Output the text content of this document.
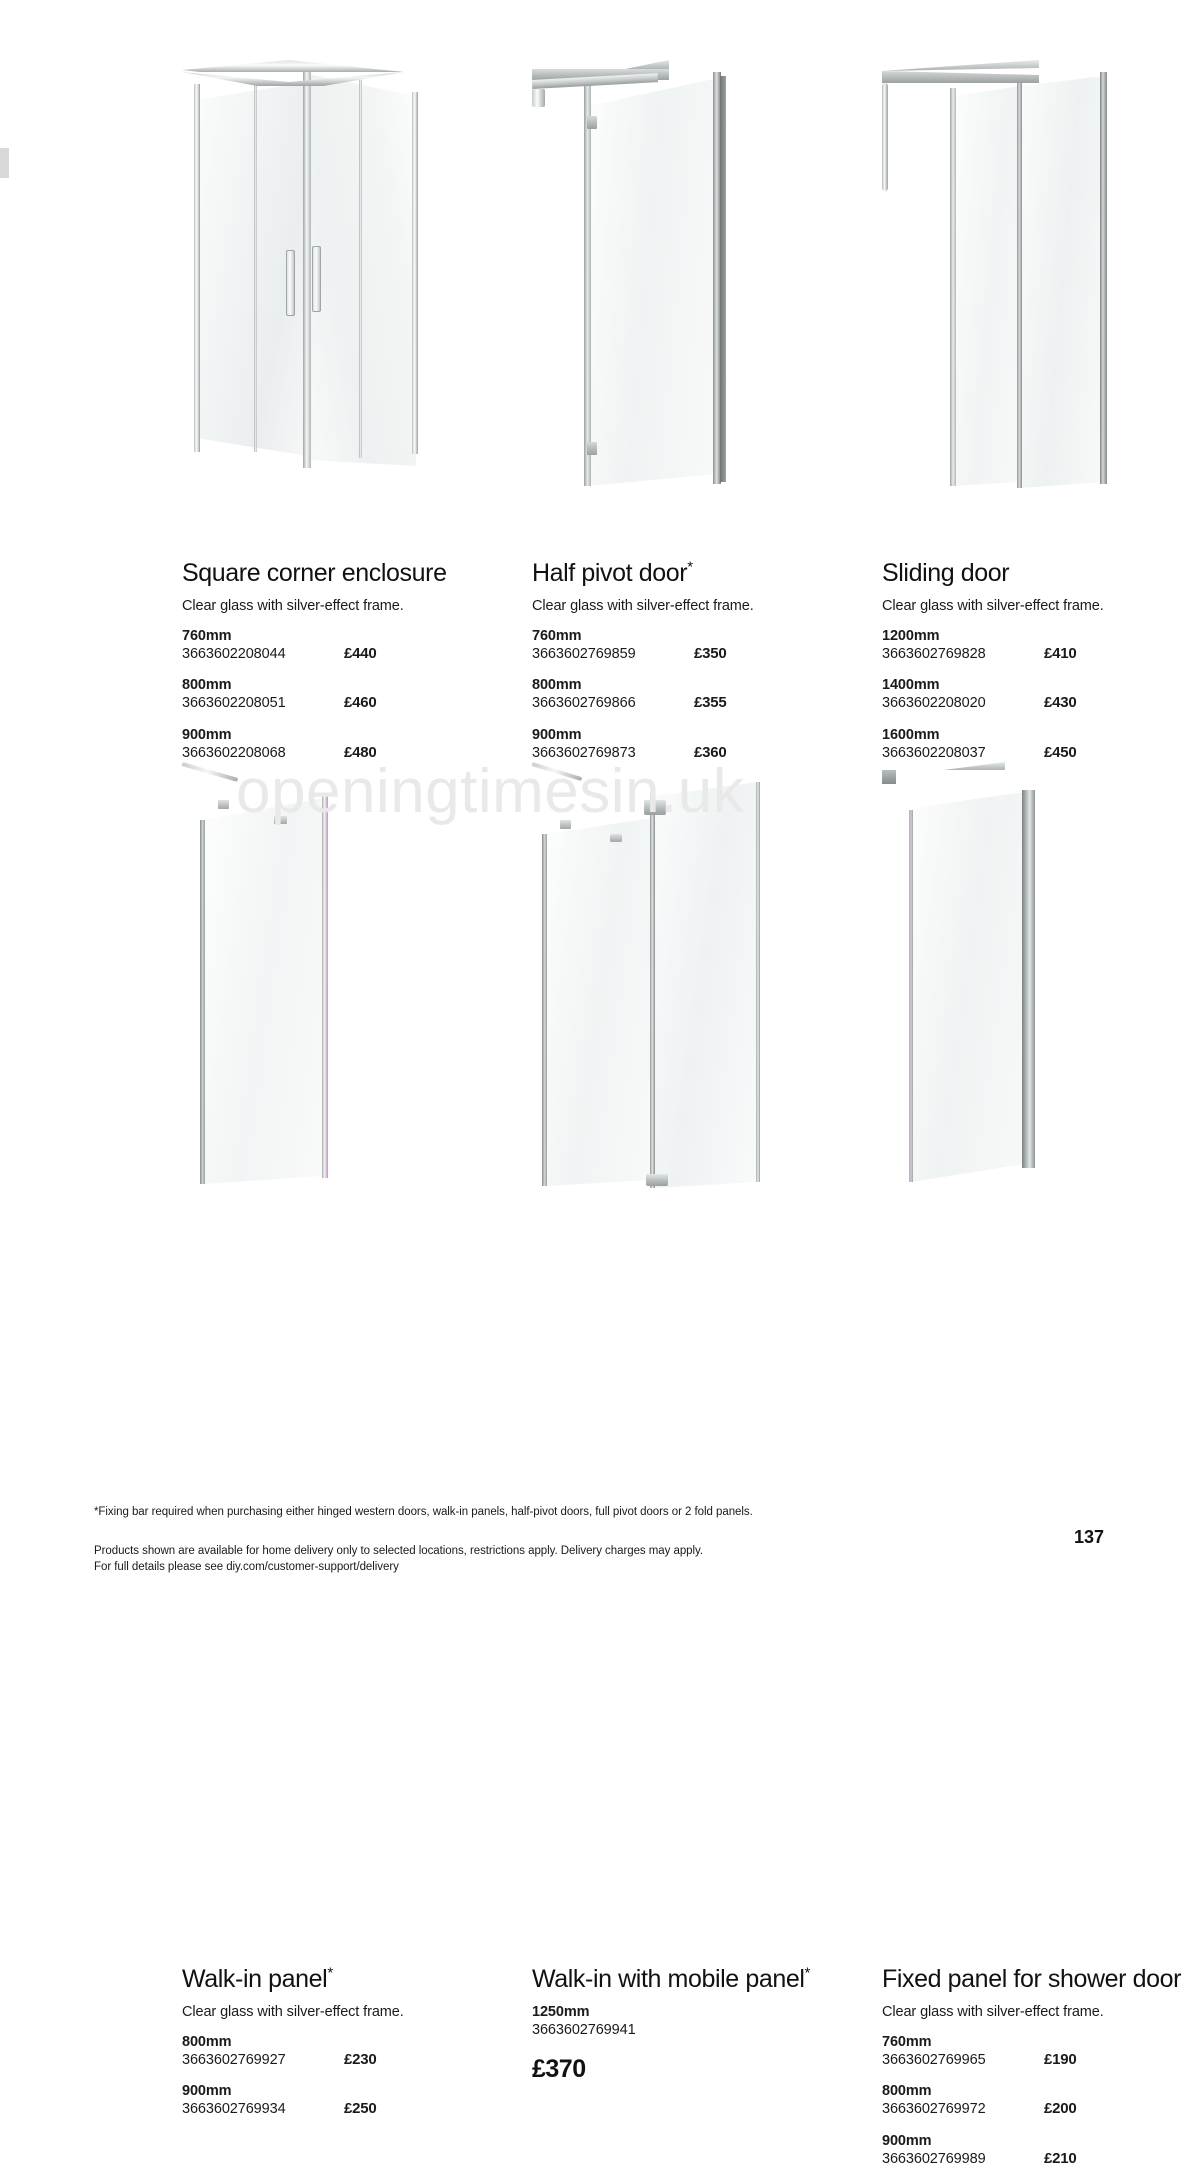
openingtimesin.uk
Square corner enclosure
Clear glass with silver-effect frame.
760mm
3663602208044	£440
800mm
3663602208051	£460
900mm
3663602208068	£480
Half pivot door*
Clear glass with silver-effect frame.
760mm
3663602769859	£350
800mm
3663602769866	£355
900mm
3663602769873	£360
Sliding door
Clear glass with silver-effect frame.
1200mm
3663602769828	£410
1400mm
3663602208020	£430
1600mm
3663602208037	£450
Walk-in panel*
Clear glass with silver-effect frame.
800mm
3663602769927	£230
900mm
3663602769934	£250
Walk-in with mobile panel*
1250mm
3663602769941
£370
Fixed panel for shower door
Clear glass with silver-effect frame.
760mm
3663602769965	£190
800mm
3663602769972	£200
900mm
3663602769989	£210
*Fixing bar required when purchasing either hinged western doors, walk-in panels, half-pivot doors, full pivot doors or 2 fold panels.
Products shown are available for home delivery only to selected locations, restrictions apply. Delivery charges may apply.
For full details please see diy.com/customer-support/delivery
137
